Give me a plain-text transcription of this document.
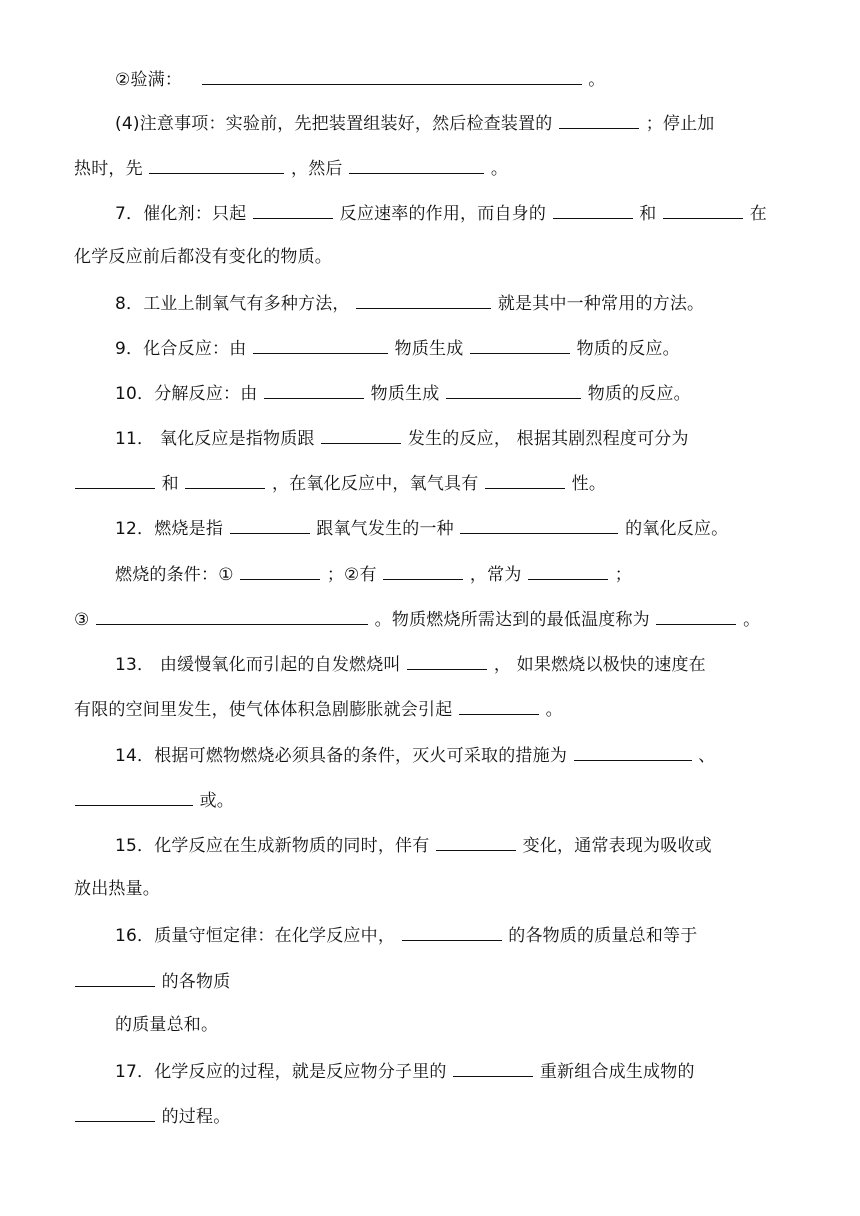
②验满：	。
(4)注意事项：实验前，先把装置组装好，然后检查装置的	；停止加
热时，先	，然后	。
7．催化剂：只起	反应速率的作用，而自身的	和	在
化学反应前后都没有变化的物质。
8．工业上制氧气有多种方法，	就是其中一种常用的方法。
9．化合反应：由	物质生成	物质的反应。
10．分解反应：由	物质生成	物质的反应。
11． 氧化反应是指物质跟	发生的反应， 根据其剧烈程度可分为
和	，在氧化反应中，氧气具有	性。
12．燃烧是指	跟氧气发生的一种	的氧化反应。
燃烧的条件：①	；②有	，常为	；
③	。物质燃烧所需达到的最低温度称为	。
13． 由缓慢氧化而引起的自发燃烧叫	， 如果燃烧以极快的速度在
有限的空间里发生，使气体体积急剧膨胀就会引起	。
14．根据可燃物燃烧必须具备的条件，灭火可采取的措施为	、
或。
15．化学反应在生成新物质的同时，伴有	变化，通常表现为吸收或
放出热量。
16．质量守恒定律：在化学反应中，	的各物质的质量总和等于
的各物质
的质量总和。
17．化学反应的过程，就是反应物分子里的	重新组合成生成物的
的过程。
